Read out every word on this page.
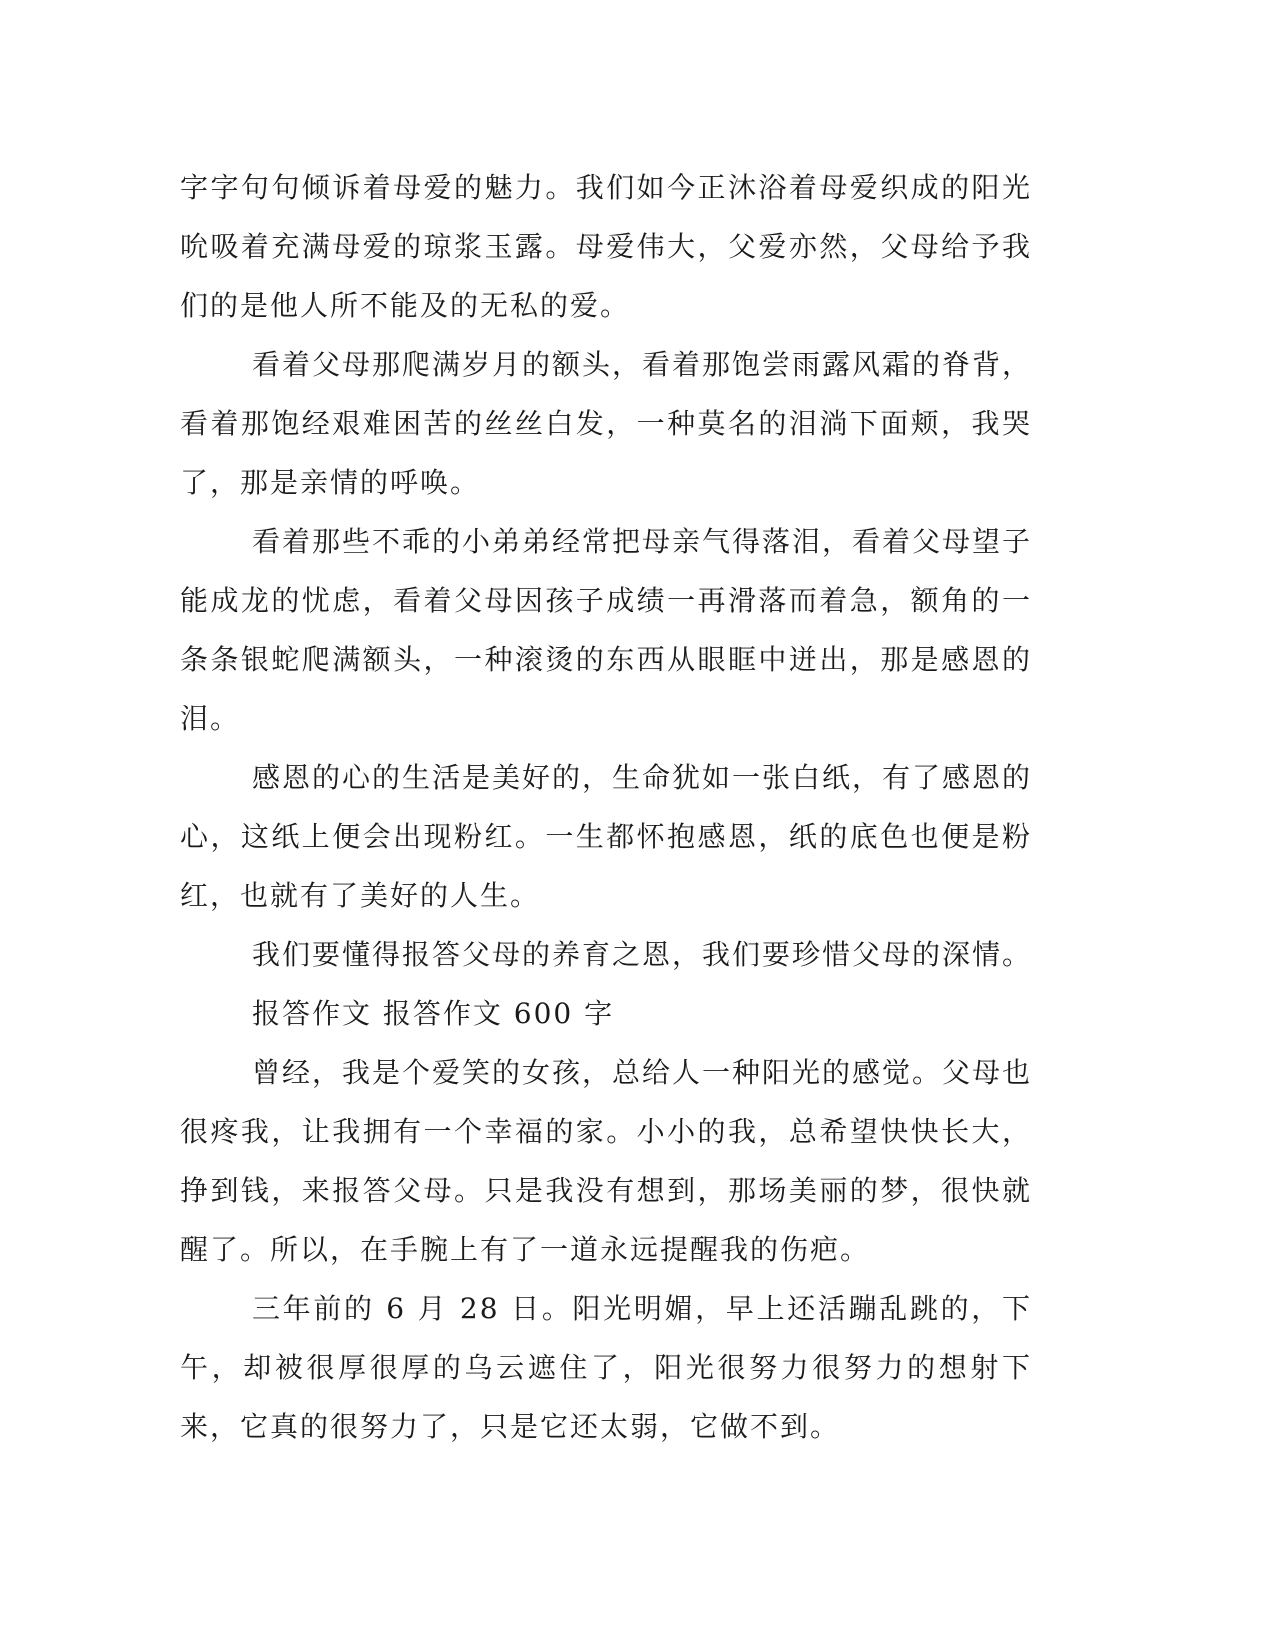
字字句句倾诉着母爱的魅力。我们如今正沐浴着母爱织成的阳光吮吸着充满母爱的琼浆玉露。母爱伟大，父爱亦然，父母给予我们的是他人所不能及的无私的爱。

看着父母那爬满岁月的额头，看着那饱尝雨露风霜的脊背，看着那饱经艰难困苦的丝丝白发，一种莫名的泪淌下面颊，我哭了，那是亲情的呼唤。

看着那些不乖的小弟弟经常把母亲气得落泪，看着父母望子能成龙的忧虑，看着父母因孩子成绩一再滑落而着急，额角的一条条银蛇爬满额头，一种滚烫的东西从眼眶中迸出，那是感恩的泪。

感恩的心的生活是美好的，生命犹如一张白纸，有了感恩的心，这纸上便会出现粉红。一生都怀抱感恩，纸的底色也便是粉红，也就有了美好的人生。

我们要懂得报答父母的养育之恩，我们要珍惜父母的深情。

报答作文 报答作文 600 字

曾经，我是个爱笑的女孩，总给人一种阳光的感觉。父母也很疼我，让我拥有一个幸福的家。小小的我，总希望快快长大，挣到钱，来报答父母。只是我没有想到，那场美丽的梦，很快就醒了。所以，在手腕上有了一道永远提醒我的伤疤。

三年前的 6 月 28 日。阳光明媚，早上还活蹦乱跳的，下午，却被很厚很厚的乌云遮住了，阳光很努力很努力的想射下来，它真的很努力了，只是它还太弱，它做不到。
